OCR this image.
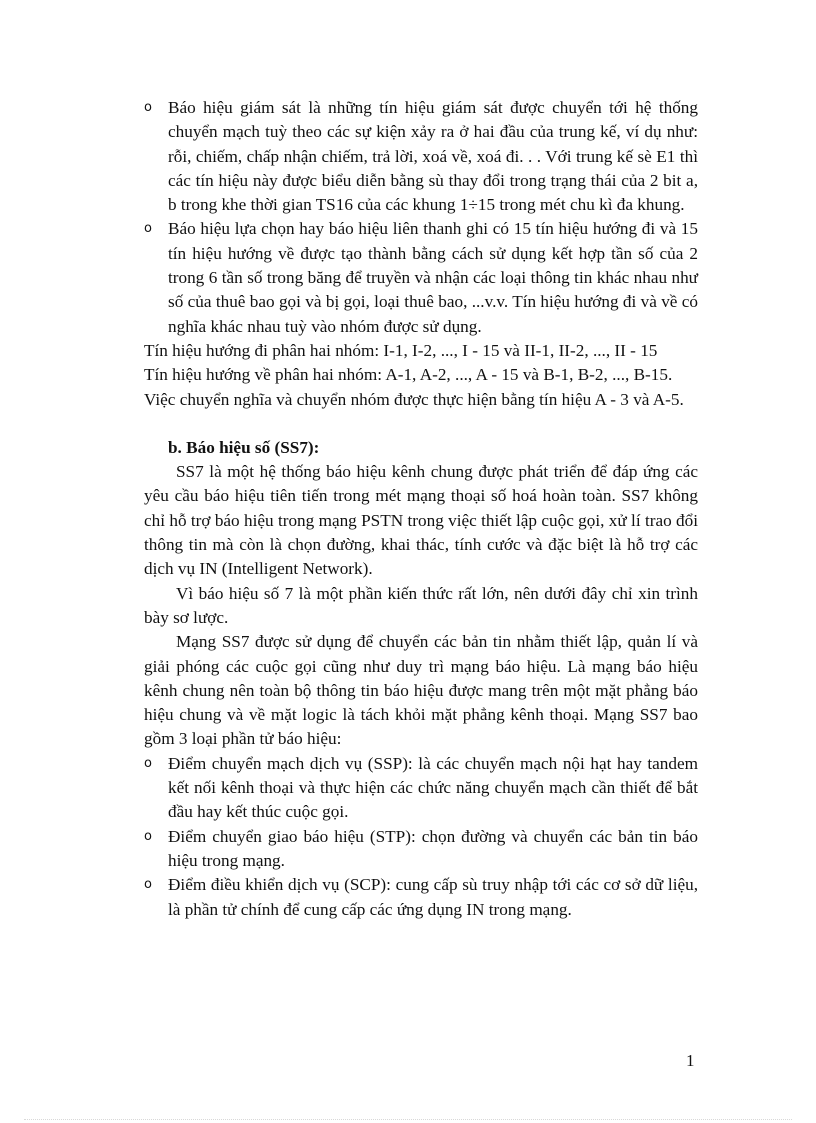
o Báo hiệu giám sát là những tín hiệu giám sát được chuyển tới hệ thống chuyển mạch tuỳ theo các sự kiện xảy ra ở hai đầu của trung kế, ví dụ như: rỗi, chiếm, chấp nhận chiếm, trả lời, xoá về, xoá đi. . . Với trung kế sè E1 thì các tín hiệu này được biểu diễn bằng sù thay đổi trong trạng thái của 2 bit a, b trong khe thời gian TS16 của các khung 1÷15 trong mét chu kì đa khung.
o Báo hiệu lựa chọn hay báo hiệu liên thanh ghi có 15 tín hiệu hướng đi và 15 tín hiệu hướng về được tạo thành bằng cách sử dụng kết hợp tần số của 2 trong 6 tần số trong băng để truyền và nhận các loại thông tin khác nhau như số của thuê bao gọi và bị gọi, loại thuê bao, ...v.v. Tín hiệu hướng đi và về có nghĩa khác nhau tuỳ vào nhóm được sử dụng.

Tín hiệu hướng đi phân hai nhóm: I-1, I-2, ..., I - 15 và II-1, II-2, ..., II - 15

Tín hiệu hướng về phân hai nhóm: A-1, A-2, ..., A - 15 và B-1, B-2, ..., B-15.

Việc chuyển nghĩa và chuyển nhóm được thực hiện bằng tín hiệu A - 3 và A-5.

b. Báo hiệu số (SS7):

SS7 là một hệ thống báo hiệu kênh chung được phát triển để đáp ứng các yêu cầu báo hiệu tiên tiến trong mét mạng thoại số hoá hoàn toàn. SS7 không chỉ hỗ trợ báo hiệu trong mạng PSTN trong việc thiết lập cuộc gọi, xử lí trao đổi thông tin mà còn là chọn đường, khai thác, tính cước và đặc biệt là hỗ trợ các dịch vụ IN (Intelligent Network).

Vì báo hiệu số 7 là một phần kiến thức rất lớn, nên dưới đây chỉ xin trình bày sơ lược.

Mạng SS7 được sử dụng để chuyển các bản tin nhằm thiết lập, quản lí và giải phóng các cuộc gọi cũng như duy trì mạng báo hiệu. Là mạng báo hiệu kênh chung nên toàn bộ thông tin báo hiệu được mang trên một mặt phẳng báo hiệu chung và về mặt logic là tách khỏi mặt phẳng kênh thoại. Mạng SS7 bao gồm 3 loại phần tử báo hiệu:

o Điểm chuyển mạch dịch vụ (SSP): là các chuyển mạch nội hạt hay tandem kết nối kênh thoại và thực hiện các chức năng chuyển mạch cần thiết để bắt đầu hay kết thúc cuộc gọi.
o Điểm chuyển giao báo hiệu (STP): chọn đường và chuyển các bản tin báo hiệu trong mạng.
o Điểm điều khiển dịch vụ (SCP): cung cấp sù truy nhập tới các cơ sở dữ liệu, là phần tử chính để cung cấp các ứng dụng IN trong mạng.
1
